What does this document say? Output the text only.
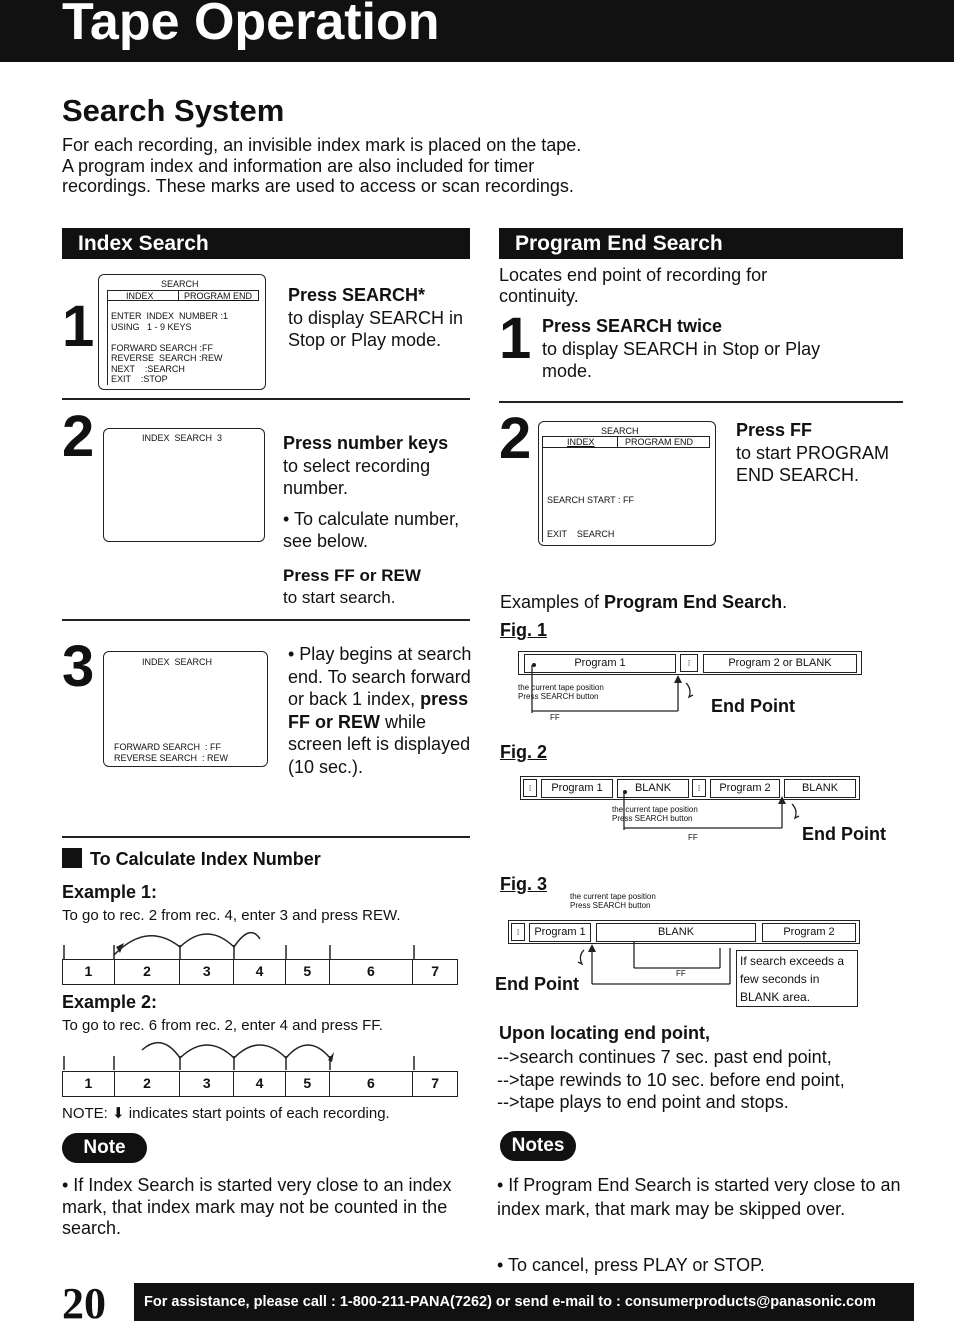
Tape Operation
Search System
For each recording, an invisible index mark is placed on the tape. A program index and information are also included for timer recordings. These marks are used to access or scan recordings.
Index Search
1
SEARCH
INDEX	PROGRAM END
ENTER  INDEX  NUMBER :1
USING   1 - 9 KEYS

FORWARD SEARCH :FF
REVERSE  SEARCH :REW
NEXT    :SEARCH
EXIT    :STOP
Press SEARCH*
to display SEARCH in Stop or Play mode.
2	INDEX  SEARCH  3	Press number keys
to select recording number.
• To calculate number, see below.
Press FF or REW
to start search.
3	INDEX  SEARCH
FORWARD SEARCH  : FF
REVERSE SEARCH  : REW
• Play begins at search end. To search forward or back 1 index, press FF or REW while screen left is displayed (10 sec.).
To Calculate Index Number
Example 1:
To go to rec. 2 from rec. 4, enter 3 and press REW.
1	2	3	4	5	6	7
Example 2:
To go to rec. 6 from rec. 2, enter 4 and press FF.
1	2	3	4	5	6	7
NOTE: ⬇ indicates start points of each recording.
Note
• If Index Search is started very close to an index mark, that index mark may not be counted in the search.
Program End Search
Locates end point of recording for continuity.
1 Press SEARCH twice
to display SEARCH in Stop or Play mode.
2	SEARCH
INDEX	PROGRAM END
SEARCH START : FF
EXIT    SEARCH
Press FF
to start PROGRAM END SEARCH.
Examples of Program End Search.
Fig. 1
Program 1	⁝	Program 2 or BLANK
the current tape position
Press SEARCH button
FF
End Point
Fig. 2
⁝	Program 1	BLANK	⁝	Program 2	BLANK
the current tape position
Press SEARCH button
FF	End Point
Fig. 3
the current tape position
Press SEARCH button
⁝	Program 1	BLANK	Program 2
FF
End Point
If search exceeds a few seconds in BLANK area.
Upon locating end point,
-->search continues 7 sec. past end point,
-->tape rewinds to 10 sec. before end point,
-->tape plays to end point and stops.
Notes
• If Program End Search is started very close to an index mark, that mark may be skipped over.
• To cancel, press PLAY or STOP.
20	For assistance, please call : 1-800-211-PANA(7262) or send e-mail to : consumerproducts@panasonic.com
